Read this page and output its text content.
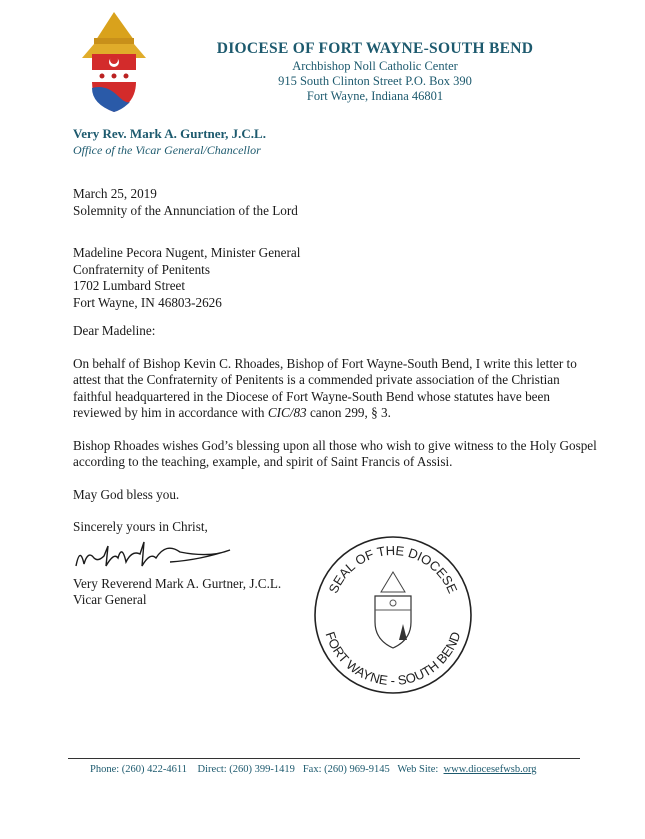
DIOCESE OF FORT WAYNE-SOUTH BEND
Archbishop Noll Catholic Center
915 South Clinton Street P.O. Box 390
Fort Wayne, Indiana 46801
Very Rev. Mark A. Gurtner, J.C.L.
Office of the Vicar General/Chancellor
March 25, 2019
Solemnity of the Annunciation of the Lord
Madeline Pecora Nugent, Minister General
Confraternity of Penitents
1702 Lumbard Street
Fort Wayne, IN 46803-2626
Dear Madeline:
On behalf of Bishop Kevin C. Rhoades, Bishop of Fort Wayne-South Bend, I write this letter to attest that the Confraternity of Penitents is a commended private association of the Christian faithful headquartered in the Diocese of Fort Wayne-South Bend whose statutes have been reviewed by him in accordance with CIC/83 canon 299, § 3.
Bishop Rhoades wishes God’s blessing upon all those who wish to give witness to the Holy Gospel according to the teaching, example, and spirit of Saint Francis of Assisi.
May God bless you.
Sincerely yours in Christ,
Very Reverend Mark A. Gurtner, J.C.L.
Vicar General
SEAL OF THE DIOCESE
FORT WAYNE - SOUTH BEND
Phone: (260) 422-4611 Direct: (260) 399-1419 Fax: (260) 969-9145 Web Site: www.diocesefwsb.org
